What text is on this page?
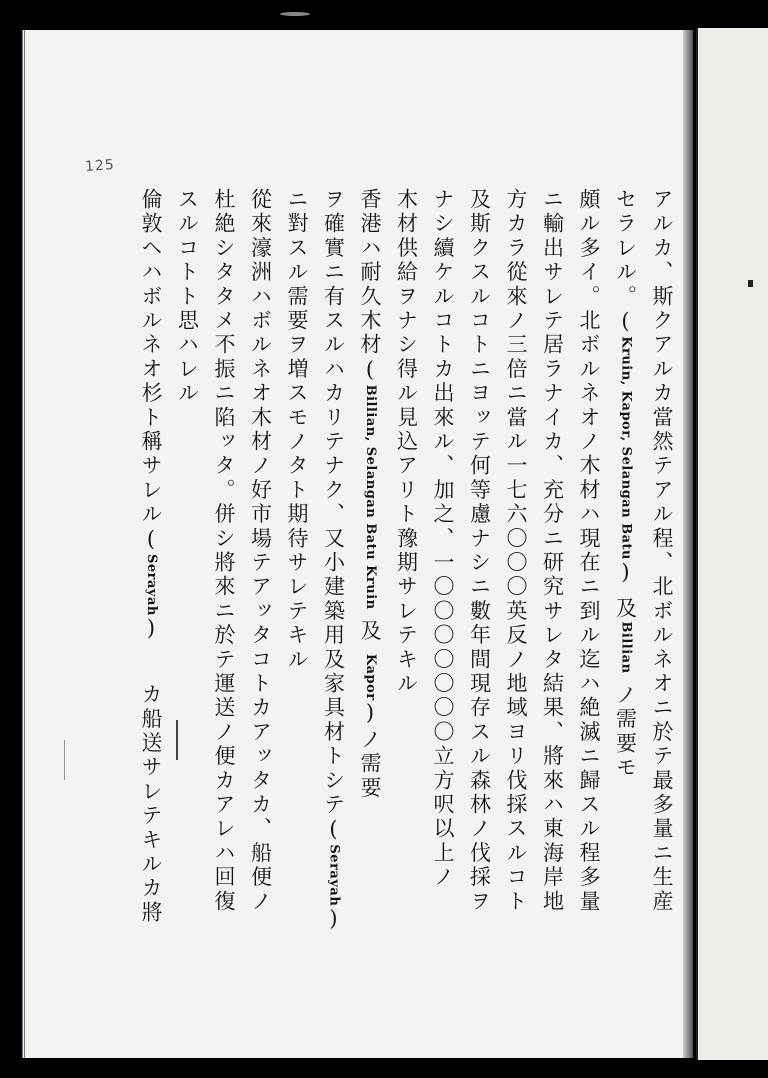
125

アルカ、斯クアルカ當然テアル程、北ボルネオニ於テ最多量ニ生産

セラレル。(Kruin, Kapor, Selangan Batu)及Billianノ需要モ

頗ル多イ。北ボルネオノ木材ハ現在ニ到ル迄ハ絶滅ニ歸スル程多量

ニ輸出サレテ居ラナイカ、充分ニ研究サレタ結果、將來ハ東海岸地

方カラ從來ノ三倍ニ當ル一七六〇〇〇英反ノ地域ヨリ伐採スルコト

及斯クスルコトニヨッテ何等慮ナシニ數年間現存スル森林ノ伐採ヲ

ナシ續ケルコトカ出來ル、加之、一〇〇〇〇〇〇〇立方呎以上ノ

木材供給ヲナシ得ル見込アリト豫期サレテキル

香港ハ耐久木材(Billian, Selangan Batu Kruin及Kapor)ノ需要

ヲ確實ニ有スルハカリテナク、又小建築用及家具材トシテ(Serayah)

ニ對スル需要ヲ増スモノタト期待サレテキル

從來濠洲ハボルネオ木材ノ好市場テアッタコトカアッタカ、船便ノ

杜絶シタタメ不振ニ陷ッタ。併シ將來ニ於テ運送ノ便カアレハ回復

スルコトト思ハレル

倫敦ヘハボルネオ杉ト稱サレル(Serayah)カ船送サレテキルカ將
